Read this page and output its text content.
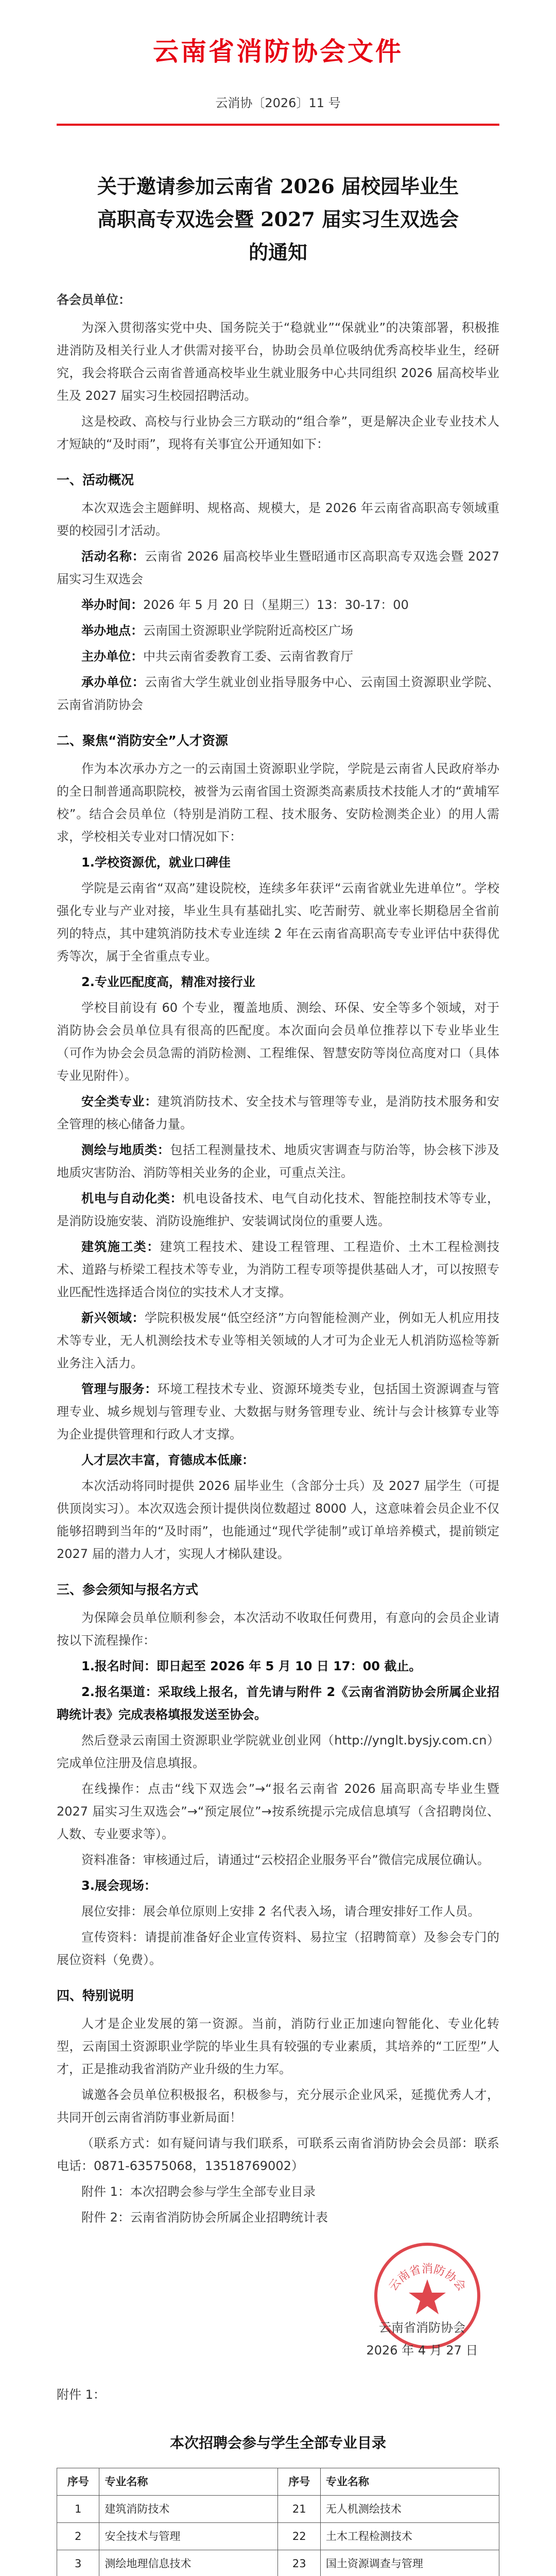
云南省消防协会文件
云消协〔2026〕11 号
关于邀请参加云南省 2026 届校园毕业生
高职高专双选会暨 2027 届实习生双选会
的通知

各会员单位：

为深入贯彻落实党中央、国务院关于“稳就业”“保就业”的决策部署，积极推进消防及相关行业人才供需对接平台，协助会员单位吸纳优秀高校毕业生，经研究，我会将联合云南省普通高校毕业生就业服务中心共同组织 2026 届高校毕业生及 2027 届实习生校园招聘活动。

这是校政、高校与行业协会三方联动的“组合拳”，更是解决企业专业技术人才短缺的“及时雨”，现将有关事宜公开通知如下：

一、活动概况

本次双选会主题鲜明、规格高、规模大，是 2026 年云南省高职高专领域重要的校园引才活动。

活动名称：云南省 2026 届高校毕业生暨昭通市区高职高专双选会暨 2027 届实习生双选会

举办时间：2026 年 5 月 20 日（星期三）13：30-17：00

举办地点：云南国土资源职业学院附近高校区广场

主办单位：中共云南省委教育工委、云南省教育厅

承办单位：云南省大学生就业创业指导服务中心、云南国土资源职业学院、云南省消防协会

二、聚焦“消防安全”人才资源

作为本次承办方之一的云南国土资源职业学院，学院是云南省人民政府举办的全日制普通高职院校，被誉为云南省国土资源类高素质技术技能人才的“黄埔军校”。结合会员单位（特别是消防工程、技术服务、安防检测类企业）的用人需求，学校相关专业对口情况如下：

1.学校资源优，就业口碑佳

学院是云南省“双高”建设院校，连续多年获评“云南省就业先进单位”。学校强化专业与产业对接，毕业生具有基础扎实、吃苦耐劳、就业率长期稳居全省前列的特点，其中建筑消防技术专业连续 2 年在云南省高职高专专业评估中获得优秀等次，属于全省重点专业。

2.专业匹配度高，精准对接行业

学校目前设有 60 个专业，覆盖地质、测绘、环保、安全等多个领域，对于消防协会会员单位具有很高的匹配度。本次面向会员单位推荐以下专业毕业生（可作为协会会员急需的消防检测、工程维保、智慧安防等岗位高度对口（具体专业见附件）。

安全类专业：建筑消防技术、安全技术与管理等专业，是消防技术服务和安全管理的核心储备力量。

测绘与地质类：包括工程测量技术、地质灾害调查与防治等，协会核下涉及地质灾害防治、消防等相关业务的企业，可重点关注。

机电与自动化类：机电设备技术、电气自动化技术、智能控制技术等专业，是消防设施安装、消防设施维护、安装调试岗位的重要人选。

建筑施工类：建筑工程技术、建设工程管理、工程造价、土木工程检测技术、道路与桥梁工程技术等专业，为消防工程专项等提供基础人才，可以按照专业匹配性选择适合岗位的实技术人才支撑。

新兴领域：学院积极发展“低空经济”方向智能检测产业，例如无人机应用技术等专业，无人机测绘技术专业等相关领域的人才可为企业无人机消防巡检等新业务注入活力。

管理与服务：环境工程技术专业、资源环境类专业，包括国土资源调查与管理专业、城乡规划与管理专业、大数据与财务管理专业、统计与会计核算专业等为企业提供管理和行政人才支撑。

人才层次丰富，育德成本低廉：

本次活动将同时提供 2026 届毕业生（含部分士兵）及 2027 届学生（可提供顶岗实习）。本次双选会预计提供岗位数超过 8000 人，这意味着会员企业不仅能够招聘到当年的“及时雨”，也能通过“现代学徒制”或订单培养模式，提前锁定 2027 届的潜力人才，实现人才梯队建设。

三、参会须知与报名方式

为保障会员单位顺利参会，本次活动不收取任何费用，有意向的会员企业请按以下流程操作：

1.报名时间：即日起至 2026 年 5 月 10 日 17：00 截止。

2.报名渠道：采取线上报名，首先请与附件 2《云南省消防协会所属企业招聘统计表》完成表格填报发送至协会。

然后登录云南国土资源职业学院就业创业网（http://ynglt.bysjy.com.cn）完成单位注册及信息填报。

在线操作：点击“线下双选会”→“报名云南省 2026 届高职高专毕业生暨 2027 届实习生双选会”→“预定展位”→按系统提示完成信息填写（含招聘岗位、人数、专业要求等）。

资料准备：审核通过后，请通过“云校招企业服务平台”微信完成展位确认。

3.展会现场：

展位安排：展会单位原则上安排 2 名代表入场，请合理安排好工作人员。

宣传资料：请提前准备好企业宣传资料、易拉宝（招聘简章）及参会专门的展位资料（免费）。

四、特别说明

人才是企业发展的第一资源。当前，消防行业正加速向智能化、专业化转型，云南国土资源职业学院的毕业生具有较强的专业素质，其培养的“工匠型”人才，正是推动我省消防产业升级的生力军。

诚邀各会员单位积极报名，积极参与，充分展示企业风采，延揽优秀人才，共同开创云南省消防事业新局面！

（联系方式：如有疑问请与我们联系，可联系云南省消防协会会员部：联系电话：0871-63575068，13518769002）

附件 1：本次招聘会参与学生全部专业目录

附件 2：云南省消防协会所属企业招聘统计表

云南省消防协会
云南省消防协会
2026 年 4 月 27 日

附件 1：

本次招聘会参与学生全部专业目录
序号	专业名称	序号	专业名称
1	建筑消防技术	21	无人机测绘技术
2	安全技术与管理	22	土木工程检测技术
3	测绘地理信息技术	23	国土资源调查与管理
